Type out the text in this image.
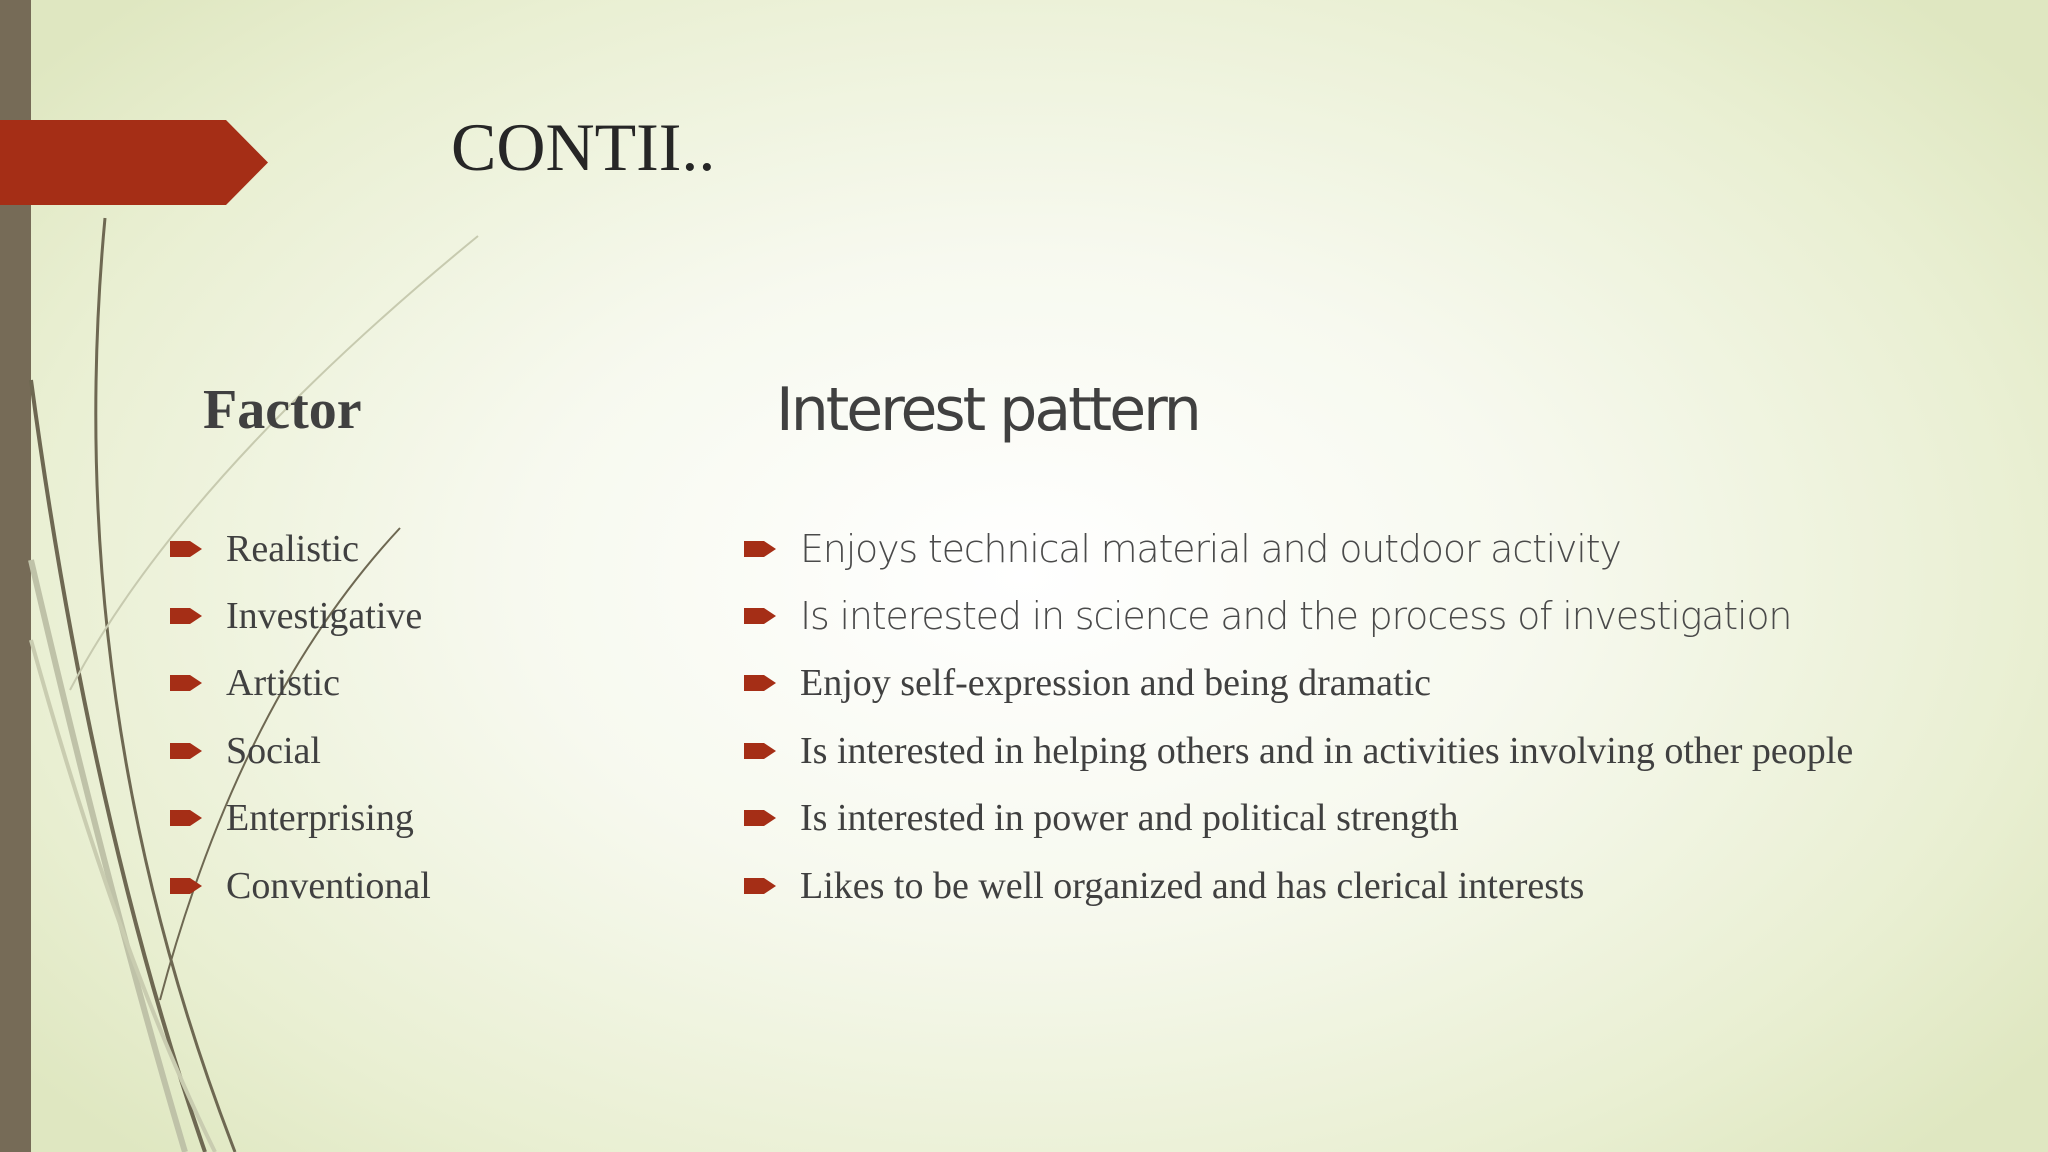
CONTII..
Factor	Interest pattern
Realistic
Investigative
Artistic
Social
Enterprising
Conventional
Enjoys technical material and outdoor activity
Is interested in science and the process of investigation
Enjoy self-expression and being dramatic
Is interested in helping others and in activities involving other people
Is interested in power and political strength
Likes to be well organized and has clerical interests
